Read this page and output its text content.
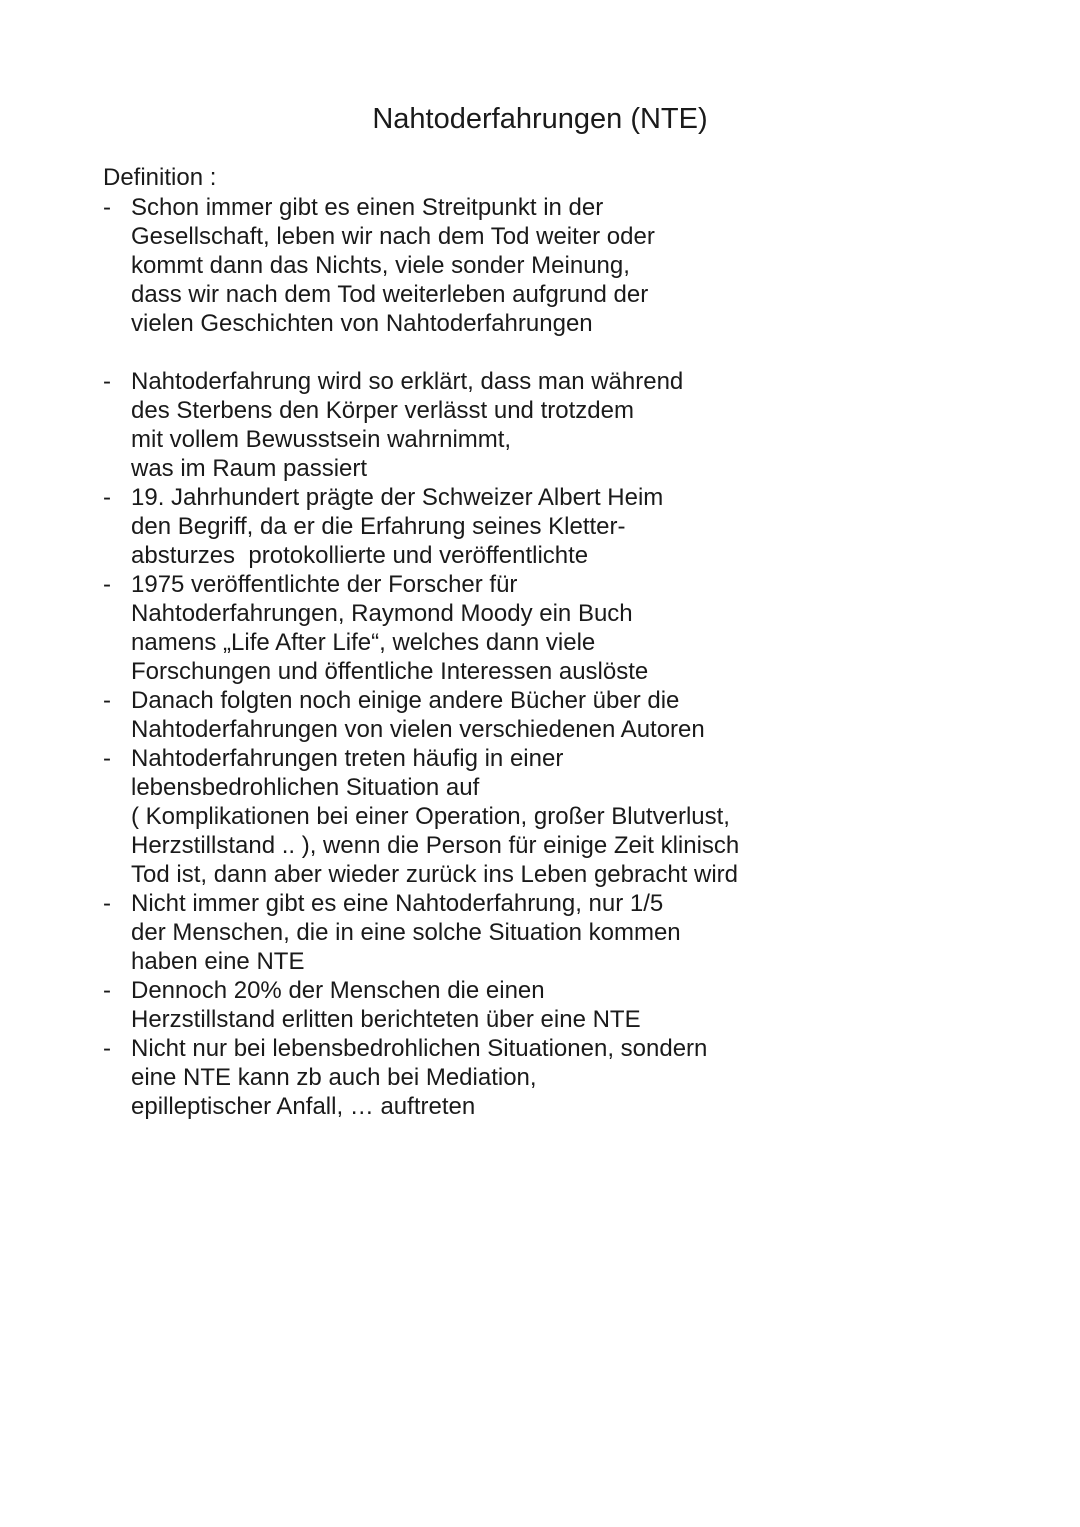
Nahtoderfahrungen (NTE)

Definition :

- Schon immer gibt es einen Streitpunkt in der
Gesellschaft, leben wir nach dem Tod weiter oder
kommt dann das Nichts, viele sonder Meinung,
dass wir nach dem Tod weiterleben aufgrund der
vielen Geschichten von Nahtoderfahrungen
- Nahtoderfahrung wird so erklärt, dass man während
des Sterbens den Körper verlässt und trotzdem
mit vollem Bewusstsein wahrnimmt,
was im Raum passiert
- 19. Jahrhundert prägte der Schweizer Albert Heim
den Begriff, da er die Erfahrung seines Kletter-
absturzes  protokollierte und veröffentlichte
- 1975 veröffentlichte der Forscher für
Nahtoderfahrungen, Raymond Moody ein Buch
namens „Life After Life“, welches dann viele
Forschungen und öffentliche Interessen auslöste
- Danach folgten noch einige andere Bücher über die
Nahtoderfahrungen von vielen verschiedenen Autoren
- Nahtoderfahrungen treten häufig in einer
lebensbedrohlichen Situation auf
( Komplikationen bei einer Operation, großer Blutverlust,
Herzstillstand .. ), wenn die Person für einige Zeit klinisch
Tod ist, dann aber wieder zurück ins Leben gebracht wird
- Nicht immer gibt es eine Nahtoderfahrung, nur 1/5
der Menschen, die in eine solche Situation kommen
haben eine NTE
- Dennoch 20% der Menschen die einen
Herzstillstand erlitten berichteten über eine NTE
- Nicht nur bei lebensbedrohlichen Situationen, sondern
eine NTE kann zb auch bei Mediation,
epilleptischer Anfall, … auftreten
